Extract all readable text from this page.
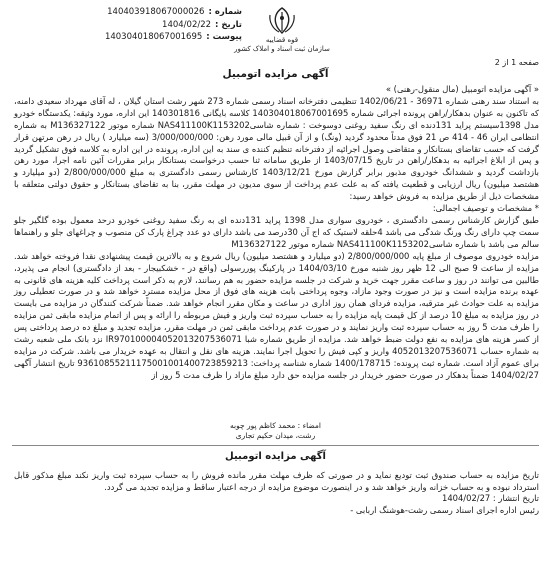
شماره :
140403918067000026
تاریخ :
1404/02/22
پیوست :
140304018067001695	قوه قضاییه
سازمان ثبت اسناد و املاک کشور
صفحه 1 از 2
آگهی مزایده اتومبیل

« آگهی مزایده اتومبیل (مال منقول-رهنی) »

به استناد سند رهنی شماره 36971 - 1402/06/21 تنظیمی دفترخانه اسناد رسمی شماره 273 شهر رشت استان گیلان ، له آقای مهرداد سعیدی دامنه، که تاکنون به عنوان بدهکار/راهن پرونده اجرائی شماره 140304018067001695 کلاسه بایگانی 140301816 این اداره، مورد وثیقه: یکدستگاه خودرو مدل 1398سیستم پراید 131دنده ای رنگ سفید روغنی دوسوخت : شماره شاسیNAS411100K1153202 شماره موتور M136327122 به شماره انتظامی ایران 46 - 414 ص 21 فوق مدتاً محدود گردید (ونگ) و از آن قبیل مالی مورد رهن: 3/000/000/000 (سه میلیارد ) ریال در رهن مرتهن قرار گرفت که حسب تقاضای بستانکار و متقاضی وصول اجرائیه از دفترخانه تنظیم کننده ی سند به این اداره، پرونده در این اداره به کلاسه فوق تشکیل گردید و پس از ابلاغ اجرائیه به بدهکار/راهن در تاریخ 1403/07/15 از طریق سامانه ثنا حسب درخواست بستانکار برابر مقررات آئین نامه اجرا، مورد رهن بازداشت گردید و ششدانگ خودروی مذبور برابر گزارش مورخ 1403/12/21 کارشناس رسمی دادگستری به مبلغ 2/800/000/000 (دو میلیارد و هشتصد میلیون) ریال ارزیابی و قطعیت یافته که به علت عدم پرداخت از سوی مدیون در مهلت مقرر، بنا به تقاضای بستانکار و حقوق دولتی متعلقه با مشخصات ذیل از طریق مزایده به فروش خواهد رسید:

* مشخصات و توصیف اجمالی:

طبق گزارش کارشناس رسمی دادگستری ، خودروی سواری مدل 1398 پراید 131دنده ای به رنگ سفید روغنی خودرو درحد معمول بوده گلگیر جلو سمت چپ دارای رنگ ورنگ شدگی می باشد 4حلقه لاستیک که اج آن 30درصد می باشد دارای دو عدد چراغ پارک کن منصوب و چراغهای جلو و راهنماها سالم می باشد با شماره شاسیNAS411100K1153202 شماره موتور M136327122

مزایده خودروی موصوف از مبلغ پایه 2/800/000/000 (دو میلیارد و هشتصد میلیون) ریال شروع و به بالاترین قیمت پیشنهادی نقدا فروخته خواهد شد. مزایده از ساعت 9 صبح الی 12 ظهر روز شنبه مورخ 1404/03/10 در پارکینگ پوررسولی (واقع در - خشکبیجار - بعد از دادگستری) انجام می پذیرد، طالبین می توانند در روز و ساعت مقرر جهت خرید و شرکت در جلسه مزایده حضور به هم رسانند، لازم به ذکر است پرداخت کلیه هزینه های قانونی به عهده برنده مزایده است و نیز در صورت وجود مازاد، وجوه پرداختی بابت هزینه های فوق از محل مزایده مسترد خواهد شد و در صورت تعطیلی روز مزایده به علت حوادث غیر مترقبه، مزایده فردای همان روز اداری در ساعت و مکان مقرر انجام خواهد شد. ضمناً شرکت کنندگان در مزایده می بایست در روز مزایده به مبلغ 10 درصد از کل قیمت پایه مزایده را به حساب سپرده ثبت واریز و فیش مربوطه را ارائه و پس از اتمام مزایده مابقی ثمن مزایده را ظرف مدت 5 روز به حساب سپرده ثبت واریز نمایند و در صورت عدم پرداخت مابقی ثمن در مهلت مقرر، مزایده تجدید و مبلغ ده درصد پرداختی پس از کسر هزینه های مزایده به نفع دولت ضبط خواهد شد. مزایده از طریق شماره شبا IR970100004052013207536071 نزد بانک ملی شعبه رشت به شماره حساب 4052013207536071 واریز و کپی فیش را تحویل اجرا نمایند. هزینه های نقل و انتقال به عهده خریدار می باشد. شرکت در مزایده برای عموم آزاد است. شماره ثبت پرونده: 1400/178715 شماره شناسه پرداخت: 93610855211175001001400723859213 تاریخ انتشار آگهی 1404/02/27 ضمناً بدهکار در صورت حضور خریدار در جلسه مزایده حق دارد مبلغ مازاد را ظرف مدت 5 روز از

امضاء : محمد کاظم پور چوبه
رشت، میدان حکیم تجاری
آگهی مزایده اتومبیل

تاریخ مزایده به حساب صندوق ثبت تودیع نماید و در صورتی که ظرف مهلت مقرر مانده فروش را به حساب سپرده ثبت واریز نکند مبلغ مذکور قابل استرداد نبوده و به حساب خزانه واریز خواهد شد و در اینصورت موضوع مزایده از درجه اعتبار ساقط و مزایده تجدید می گردد.

تاریخ انتشار : 1404/02/27

رئیس اداره اجرای اسناد رسمی رشت-هوشنگ اربابی -
